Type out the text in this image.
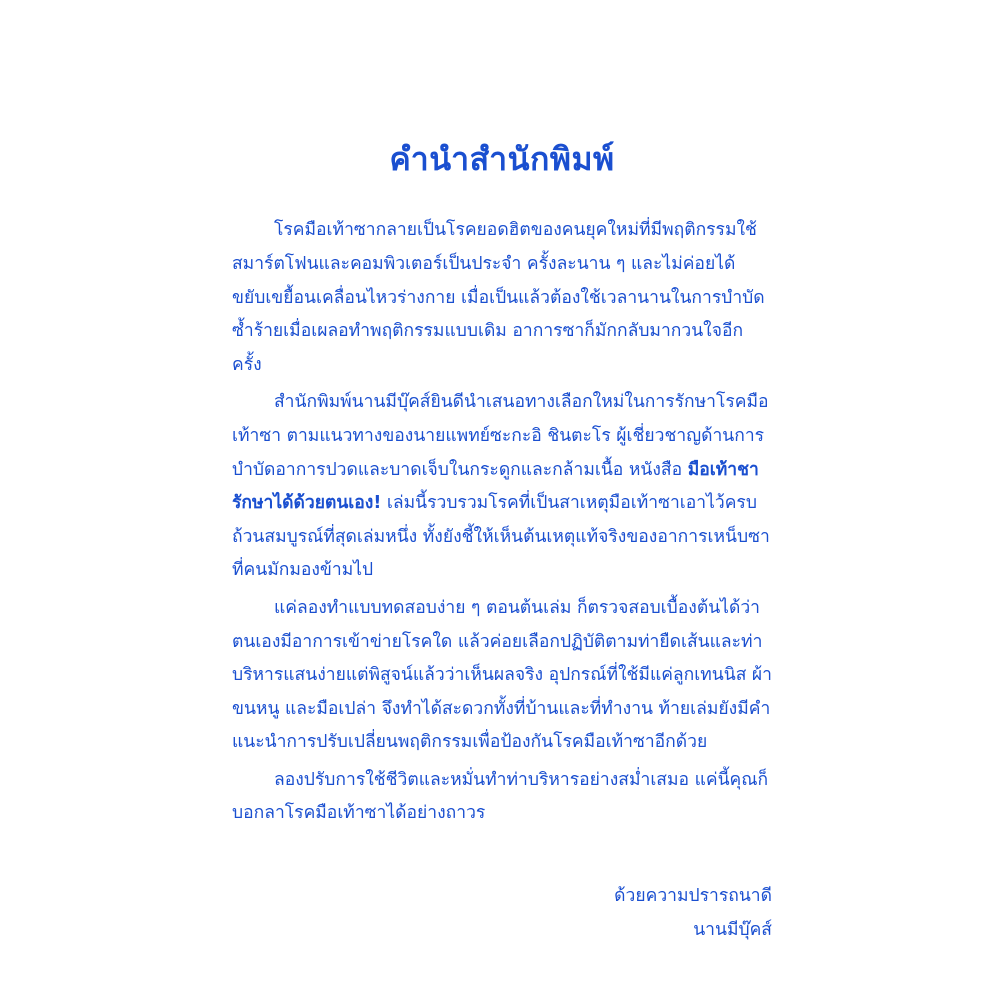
คำนำสำนักพิมพ์

โรคมือเท้าซากลายเป็นโรคยอดฮิตของคนยุคใหม่ที่มีพฤติกรรมใช้สมาร์ตโฟนและคอมพิวเตอร์เป็นประจำ ครั้งละนาน ๆ และไม่ค่อยได้ขยับเขยื้อนเคลื่อนไหวร่างกาย เมื่อเป็นแล้วต้องใช้เวลานานในการบำบัด ซ้ำร้ายเมื่อเผลอทำพฤติกรรมแบบเดิม อาการซาก็มักกลับมากวนใจอีกครั้ง

สำนักพิมพ์นานมีบุ๊คส์ยินดีนำเสนอทางเลือกใหม่ในการรักษาโรคมือเท้าซา ตามแนวทางของนายแพทย์ซะกะอิ ชินตะโร ผู้เชี่ยวชาญด้านการบำบัดอาการปวดและบาดเจ็บในกระดูกและกล้ามเนื้อ หนังสือ มือเท้าชา รักษาได้ด้วยตนเอง! เล่มนี้รวบรวมโรคที่เป็นสาเหตุมือเท้าซาเอาไว้ครบถ้วนสมบูรณ์ที่สุดเล่มหนึ่ง ทั้งยังชี้ให้เห็นต้นเหตุแท้จริงของอาการเหน็บซาที่คนมักมองข้ามไป

แค่ลองทำแบบทดสอบง่าย ๆ ตอนต้นเล่ม ก็ตรวจสอบเบื้องต้นได้ว่าตนเองมีอาการเข้าข่ายโรคใด แล้วค่อยเลือกปฏิบัติตามท่ายืดเส้นและท่าบริหารแสนง่ายแต่พิสูจน์แล้วว่าเห็นผลจริง อุปกรณ์ที่ใช้มีแค่ลูกเทนนิส ผ้าขนหนู และมือเปล่า จึงทำได้สะดวกทั้งที่บ้านและที่ทำงาน ท้ายเล่มยังมีคำแนะนำการปรับเปลี่ยนพฤติกรรมเพื่อป้องกันโรคมือเท้าซาอีกด้วย

ลองปรับการใช้ชีวิตและหมั่นทำท่าบริหารอย่างสม่ำเสมอ แค่นี้คุณก็บอกลาโรคมือเท้าซาได้อย่างถาวร

ด้วยความปรารถนาดี
นานมีบุ๊คส์
